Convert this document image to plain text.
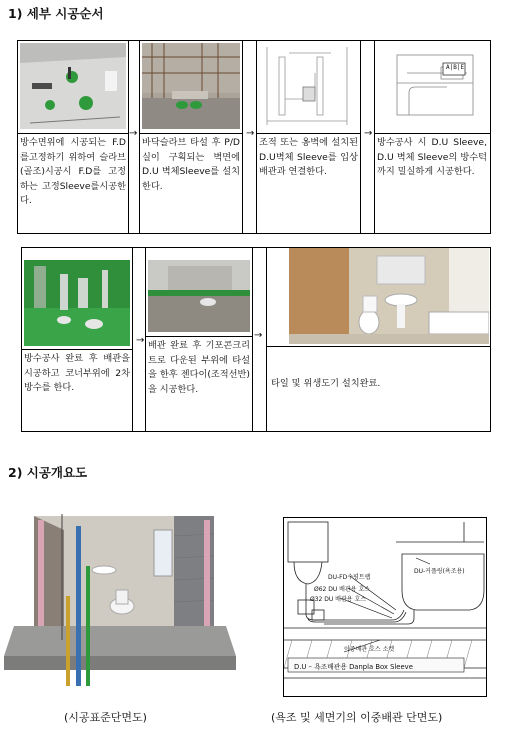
1) 세부 시공순서
방수면위에 시공되는 F.D를고정하기 위하여 슬라브(골조)시공시 F.D를 고정하는 고정Sleeve를시공한다.
→
바닥슬라브 타설 후 P/D실이 구획되는 벽면에 D.U 벽체Sleeve를 설치한다.
→
조적 또는 옹벽에 설치된 D.U벽체 Sleeve를 입상배관과 연결한다.
→
A|B|E
방수공사 시 D.U Sleeve, D.U 벽체 Sleeve의 방수턱까지 밀실하게 시공한다.
방수공사 완료 후 배관을 시공하고 코너부위에 2차 방수를 한다.
→ 배관 완료 후 기포콘크리트로 다운된 부위에 타설을 한후 젠다이(조적선반)을 시공한다.
→
타일 및 위생도기 설치완료.
2) 시공개요도
DU-커플링(욕조용)
DU-FD수평트랩
Ø62 DU 배관용 호스
Ø32 DU 배관용 호스
이중배관 호스 소켓
D.U – 욕조배관용 Danpla Box Sleeve
(시공표준단면도)	(욕조 및 세면기의 이중배관 단면도)
